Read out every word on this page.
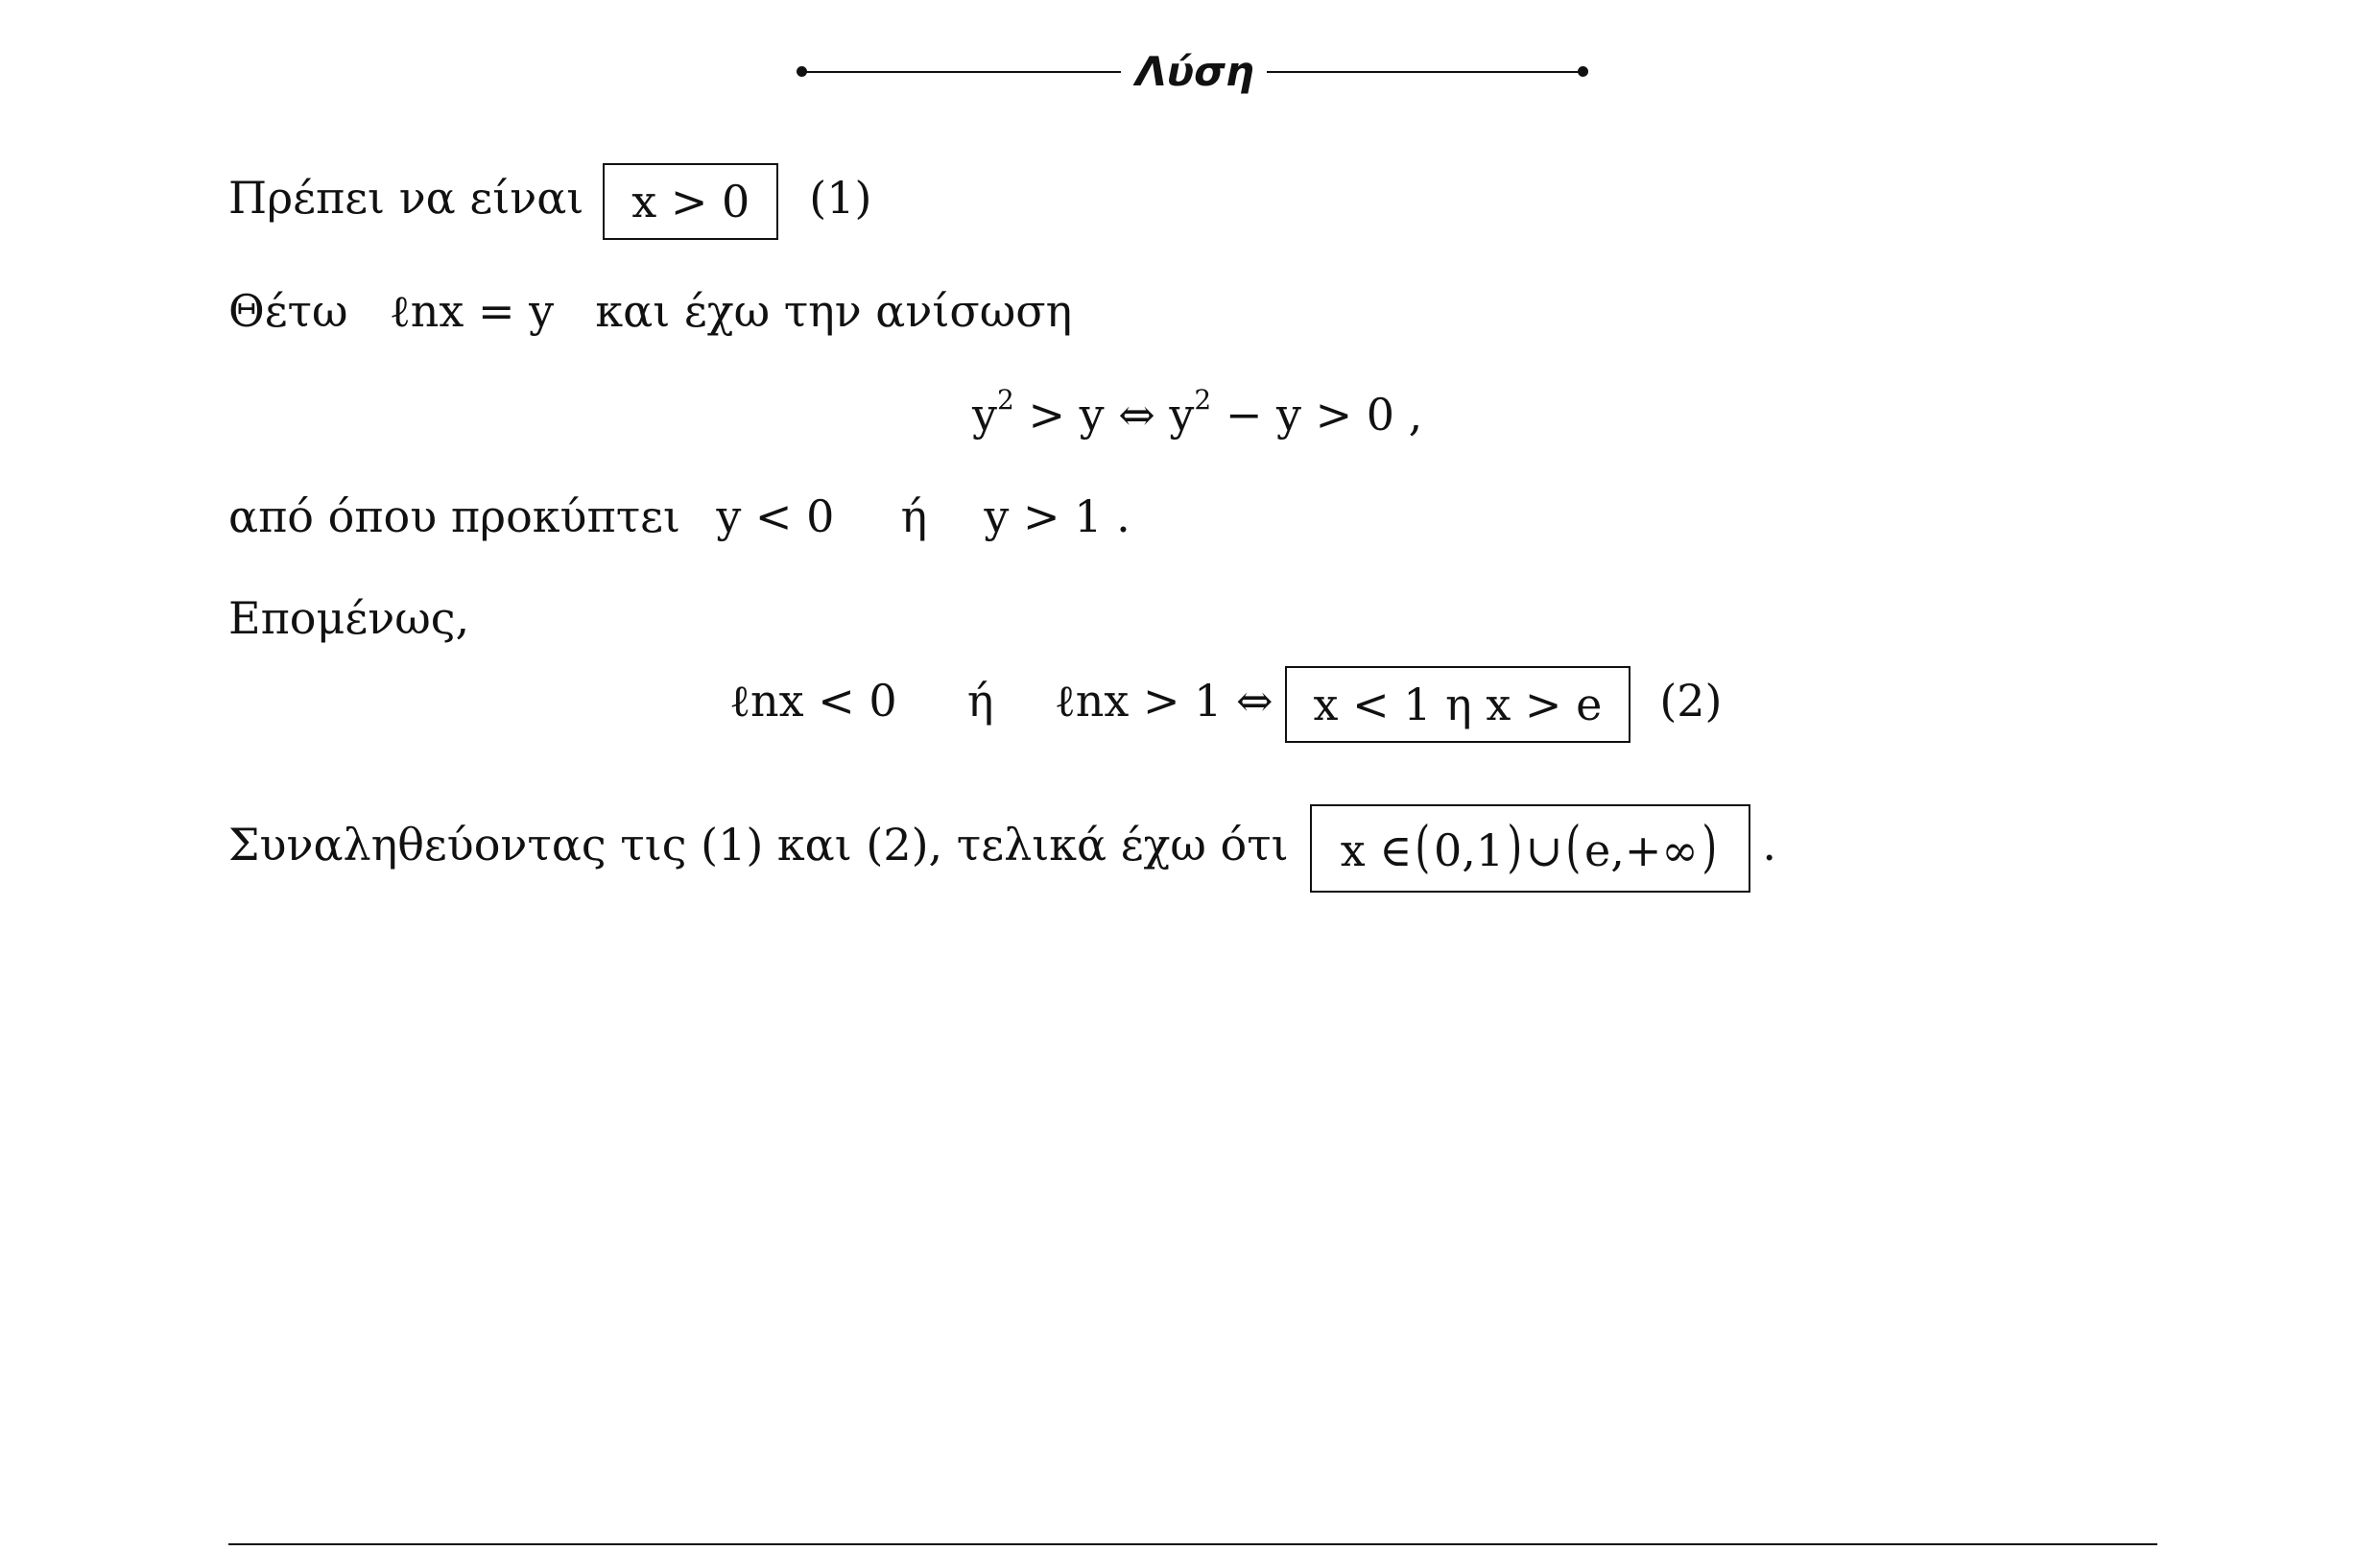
Λύση
Πρέπει να είναι x > 0 (1)
Θέτω ℓnx = y και έχω την ανίσωση
$y^2 > y$ ⇔ $y^2 - y > 0$ ,
από όπου προκύπτει y < 0 ή y > 1 .
Επομένως,
ℓnx < 0 ή ℓnx > 1 ⇔ x < 1 η x > e (2)
Συναληθεύοντας τις (1) και (2), τελικά έχω ότι x ∈(0,1)∪(e,+∞) .
